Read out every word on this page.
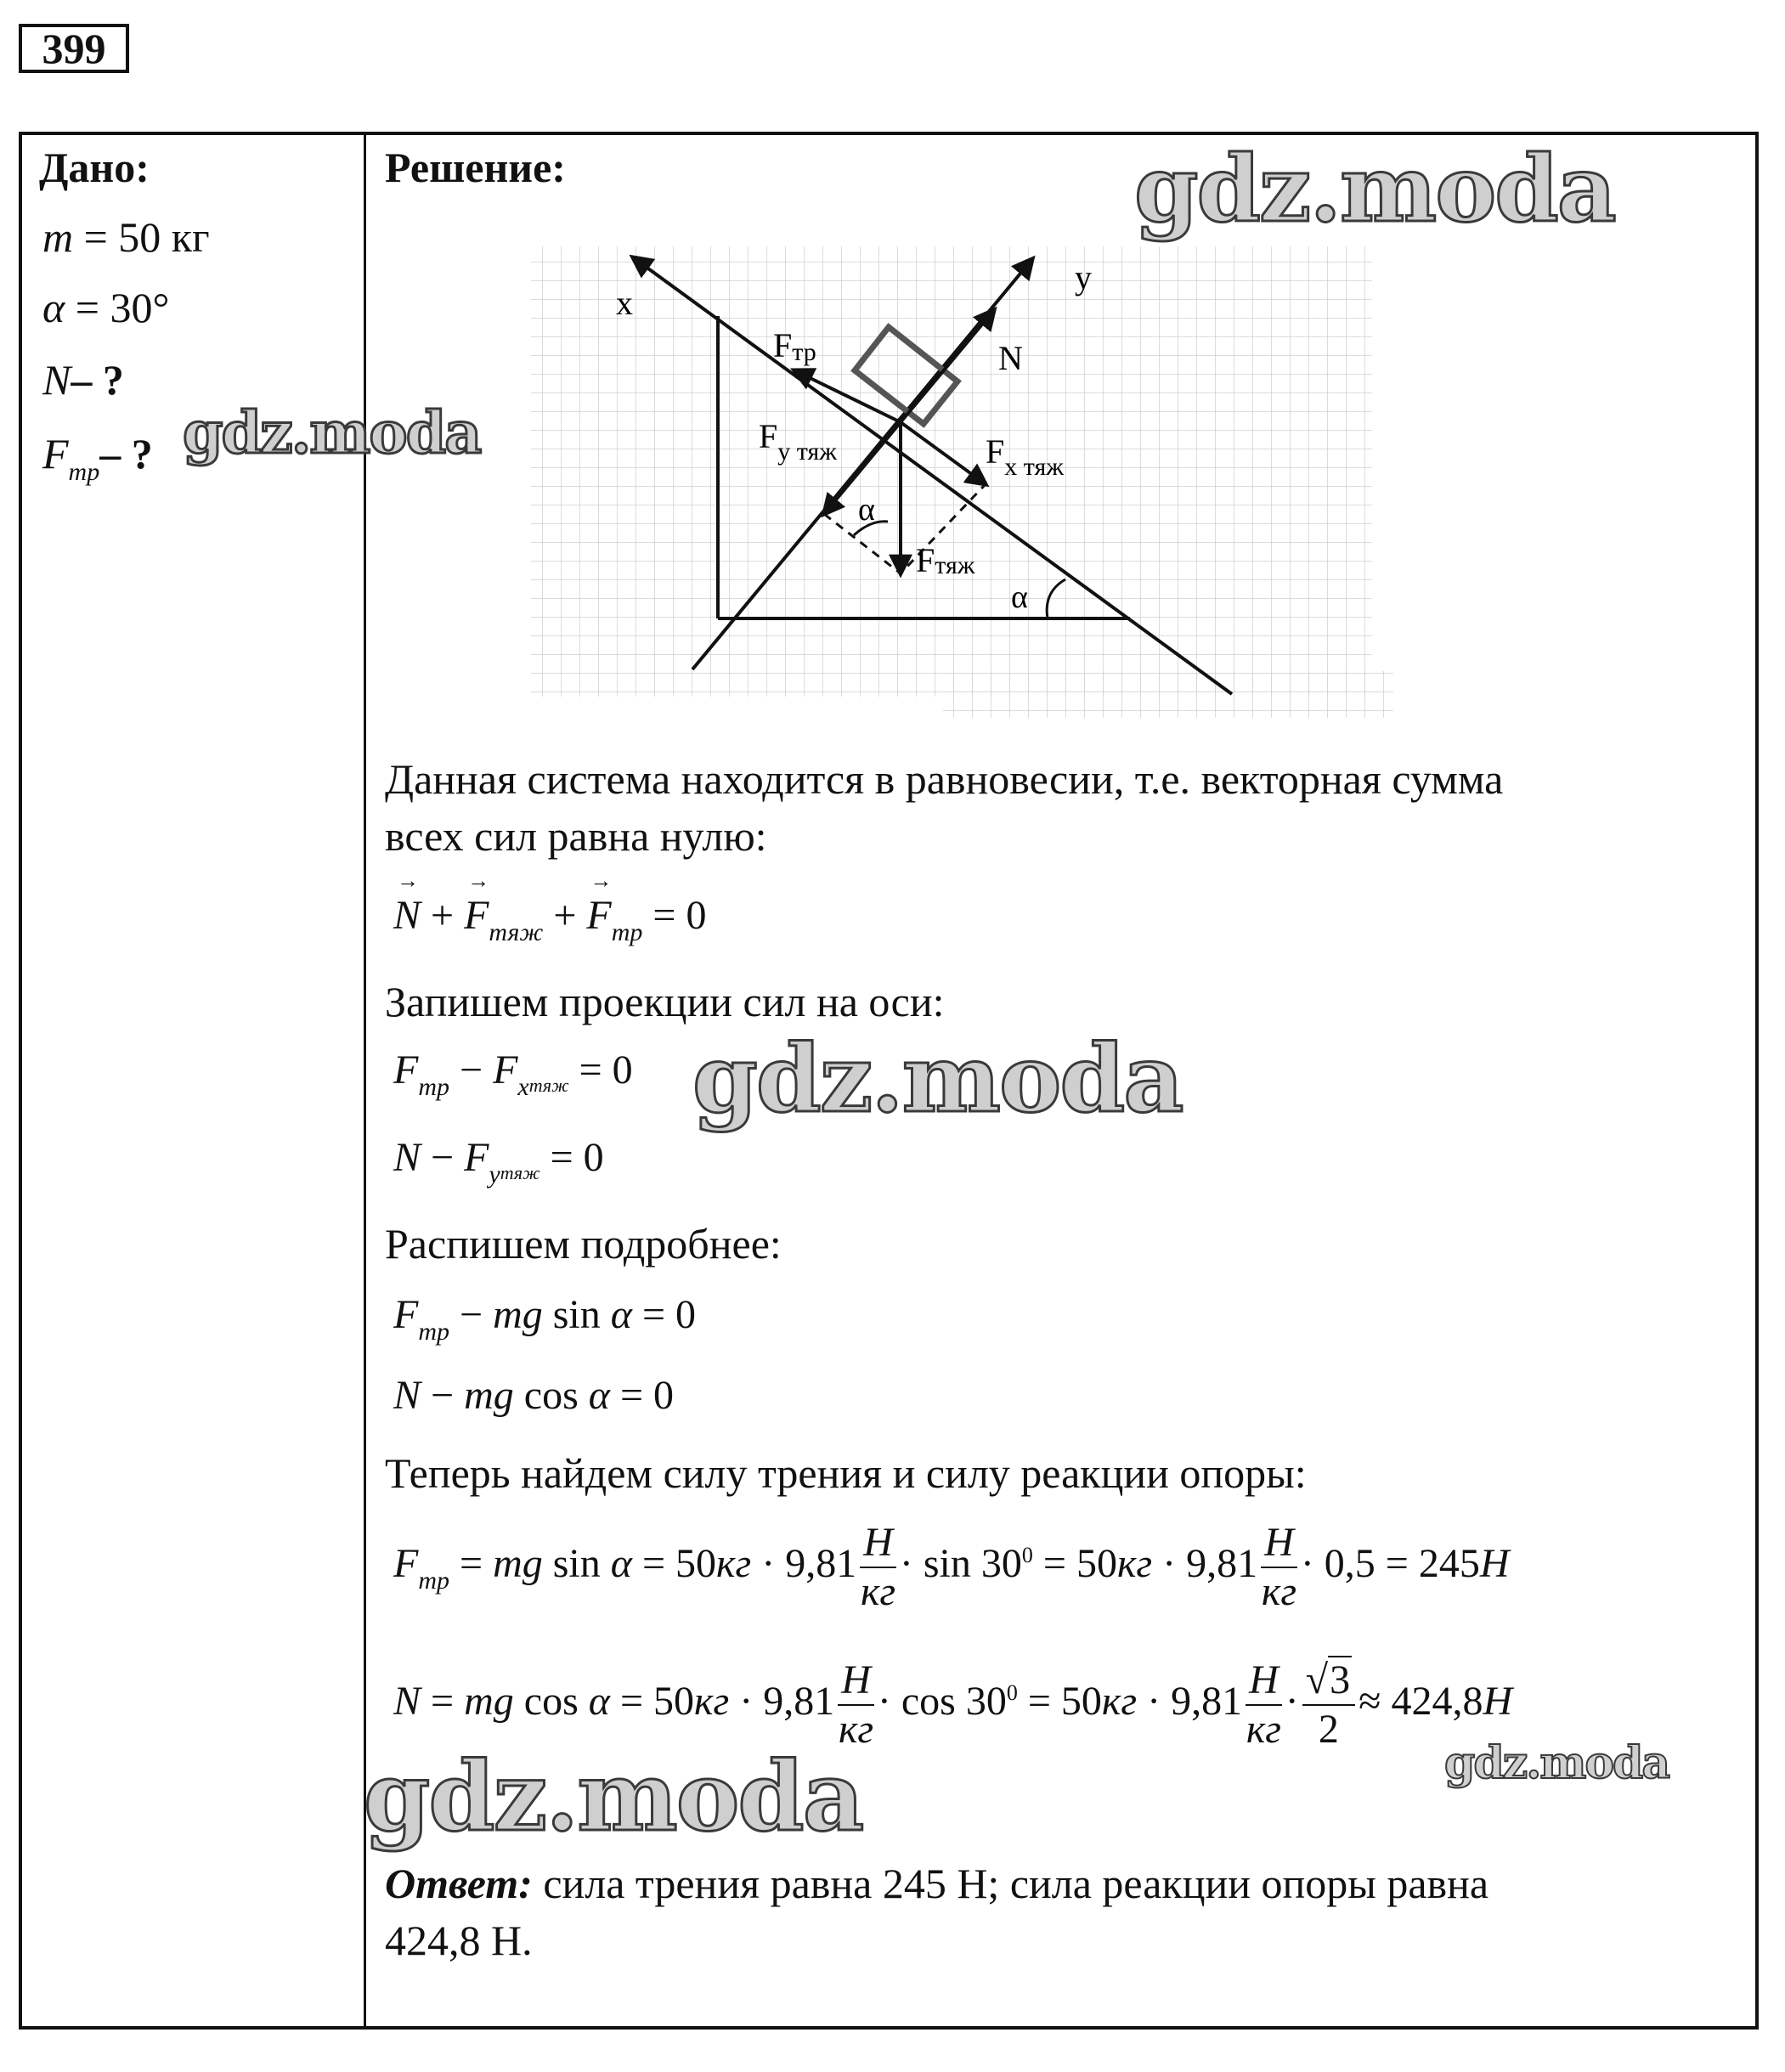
399
Дано:
m = 50 кг
α = 30°
N– ?
$F_{тр}-$ ?
Решение:
x
y
N
Fтр
$F_{y тяж}$	$F_{x тяж}$
Fтяж
α
α
Данная система находится в равновесии, т.е. векторная сумма
всех сил равна нулю:
→ N + → $F_{тяж}$ + → $F_{тр} = 0$
Запишем проекции сил на оси:
$F_{тр} - F_{xтяж} = 0$
$N - F_{yтяж} = 0$
Распишем подробнее:
$F_{тр}$ − mg sin α = 0
N − mg cos α = 0
Теперь найдем силу трения и силу реакции опоры:
$F_{тр}$ = mg $\sin \alpha = 50кг \cdot 9,81 \frac{H}{кг} \cdot \sin 30^0 = 50кг \cdot 9,81 \frac{H}{кг} \cdot 0,5 = 245H$
N = mg $\cos \alpha = 50кг \cdot 9,81 \frac{H}{кг} \cdot \cos 30^0 = 50кг \cdot 9,81 \frac{H}{кг} \cdot \frac{√3}{2} \approx 424,8H$
Ответ: сила трения равна 245 Н; сила реакции опоры равна
424,8 Н.
gdz.moda
gdz.moda
gdz.moda
gdz.moda	gdz.moda
